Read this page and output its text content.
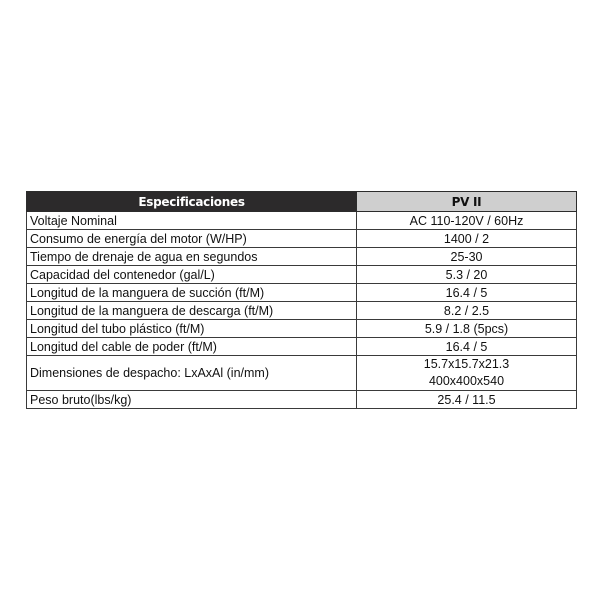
Especificaciones	PV II
Voltaje Nominal	AC 110-120V / 60Hz
Consumo de energía del motor (W/HP)	1400 / 2
Tiempo de drenaje de agua en segundos	25-30
Capacidad del contenedor (gal/L)	5.3 / 20
Longitud de la manguera de succión (ft/M)	16.4 / 5
Longitud de la manguera de descarga (ft/M)	8.2 / 2.5
Longitud del tubo plástico (ft/M)	5.9 / 1.8 (5pcs)
Longitud del cable de poder (ft/M)	16.4 / 5
Dimensiones de despacho: LxAxAl (in/mm)	15.7x15.7x21.3
400x400x540

Peso bruto(lbs/kg)	25.4 / 11.5
